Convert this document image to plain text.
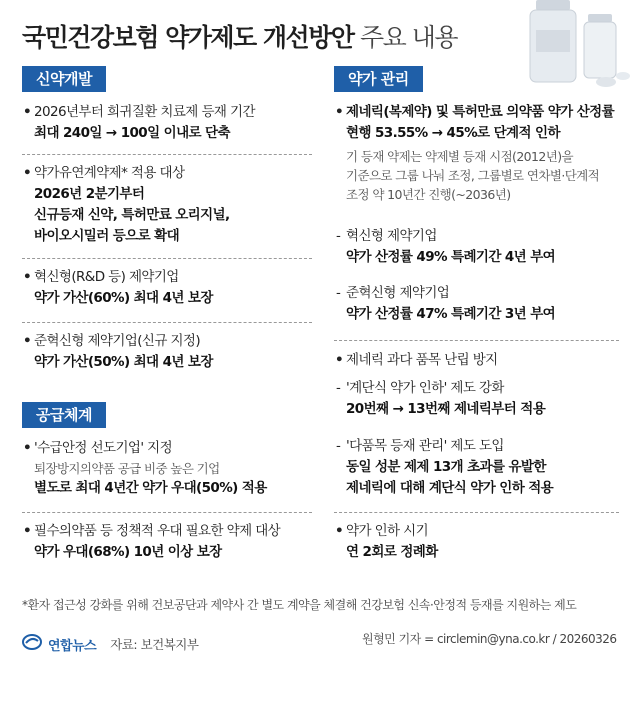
국민건강보험 약가제도 개선방안 주요 내용
신약개발
• 2026년부터 희귀질환 치료제 등재 기간
최대 240일 → 100일 이내로 단축
• 약가유연계약제* 적용 대상
2026년 2분기부터
신규등재 신약, 특허만료 오리지널,
바이오시밀러 등으로 확대
• 혁신형(R&D 등) 제약기업
약가 가산(60%) 최대 4년 보장
• 준혁신형 제약기업(신규 지정)
약가 가산(50%) 최대 4년 보장
공급체계
• '수급안정 선도기업' 지정
퇴장방지의약품 공급 비중 높은 기업
별도로 최대 4년간 약가 우대(50%) 적용
• 필수의약품 등 정책적 우대 필요한 약제 대상
약가 우대(68%) 10년 이상 보장
약가 관리
• 제네릭(복제약) 및 특허만료 의약품 약가 산정률
현행 53.55% → 45%로 단계적 인하
기 등재 약제는 약제별 등재 시점(2012년)을
기준으로 그룹 나눠 조정, 그룹별로 연차별·단계적
조정 약 10년간 진행(~2036년)
- 혁신형 제약기업
약가 산정률 49% 특례기간 4년 부여
- 준혁신형 제약기업
약가 산정률 47% 특례기간 3년 부여
• 제네릭 과다 품목 난립 방지
- '계단식 약가 인하' 제도 강화
20번째 → 13번째 제네릭부터 적용
- '다품목 등재 관리' 제도 도입
동일 성분 제제 13개 초과를 유발한
제네릭에 대해 계단식 약가 인하 적용
• 약가 인하 시기
연 2회로 정례화
*환자 접근성 강화를 위해 건보공단과 제약사 간 별도 계약을 체결해 건강보험 신속·안정적 등재를 지원하는 제도
연합뉴스 자료: 보건복지부	원형민 기자 = circlemin@yna.co.kr / 20260326
